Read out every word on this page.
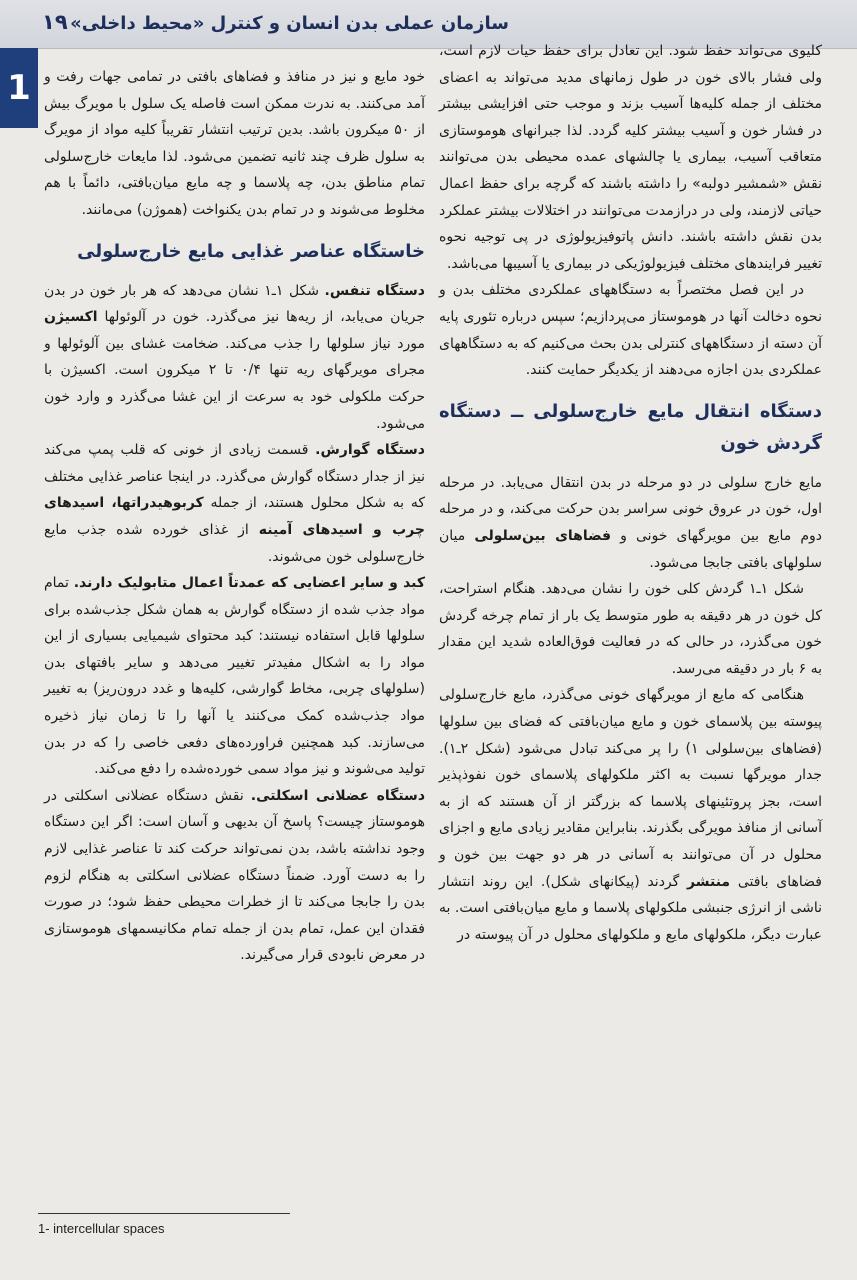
۱۹ سازمان عملی بدن انسان و کنترل «محیط داخلی»
1

کلیوی می‌تواند حفظ شود. این تعادل برای حفظ حیات لازم است، ولی فشار بالای خون در طول زمانهای مدید می‌تواند به اعضای مختلف از جمله کلیه‌ها آسیب بزند و موجب حتی افزایشی بیشتر در فشار خون و آسیب بیشتر کلیه گردد. لذا جبرانهای هوموستازی متعاقب آسیب، بیماری یا چالشهای عمده محیطی بدن می‌توانند نقش «شمشیر دولبه» را داشته باشند که گرچه برای حفظ اعمال حیاتی لازمند، ولی در درازمدت می‌توانند در اختلالات بیشتر عملکرد بدن نقش داشته باشند. دانش پاتوفیزیولوژی در پی توجیه نحوه تغییر فرایندهای مختلف فیزیولوژیکی در بیماری یا آسیبها می‌باشد.

در این فصل مختصراً به دستگاههای عملکردی مختلف بدن و نحوه دخالت آنها در هوموستاز می‌پردازیم؛ سپس درباره تئوری پایه آن دسته از دستگاههای کنترلی بدن بحث می‌کنیم که به دستگاههای عملکردی بدن اجازه می‌دهند از یکدیگر حمایت کنند.

دستگاه انتقال مایع خارج‌سلولی ــ دستگاه گردش خون

مایع خارج سلولی در دو مرحله در بدن انتقال می‌یابد. در مرحله اول، خون در عروق خونی سراسر بدن حرکت می‌کند، و در مرحله دوم مایع بین مویرگهای خونی و فضاهای بین‌سلولی میان سلولهای بافتی جابجا می‌شود.

شکل ۱ـ۱ گردش کلی خون را نشان می‌دهد. هنگام استراحت، کل خون در هر دقیقه به طور متوسط یک بار از تمام چرخه گردش خون می‌گذرد، در حالی که در فعالیت فوق‌العاده شدید این مقدار به ۶ بار در دقیقه می‌رسد.

هنگامی که مایع از مویرگهای خونی می‌گذرد، مایع خارج‌سلولی پیوسته بین پلاسمای خون و مایع میان‌بافتی که فضای بین سلولها (فضاهای بین‌سلولی ۱) را پر می‌کند تبادل می‌شود (شکل ۲ـ۱). جدار مویرگها نسبت به اکثر ملکولهای پلاسمای خون نفوذپذیر است، بجز پروتئینهای پلاسما که بزرگتر از آن هستند که از به آسانی از منافذ مویرگی بگذرند. بنابراین مقادیر زیادی مایع و اجزای محلول در آن می‌توانند به آسانی در هر دو جهت بین خون و فضاهای بافتی منتشر گردند (پیکانهای شکل). این روند انتشار ناشی از انرژی جنبشی ملکولهای پلاسما و مایع میان‌بافتی است. به عبارت دیگر، ملکولهای مایع و ملکولهای محلول در آن پیوسته در

خود مایع و نیز در منافذ و فضاهای بافتی در تمامی جهات رفت و آمد می‌کنند. به ندرت ممکن است فاصله یک سلول با مویرگ بیش از ۵۰ میکرون باشد. بدین ترتیب انتشار تقریباً کلیه مواد از مویرگ به سلول ظرف چند ثانیه تضمین می‌شود. لذا مایعات خارج‌سلولی تمام مناطق بدن، چه پلاسما و چه مایع میان‌بافتی، دائماً با هم مخلوط می‌شوند و در تمام بدن یکنواخت (هموژن) می‌مانند.

خاستگاه عناصر غذایی مایع خارج‌سلولی

دستگاه تنفس. شکل ۱ـ۱ نشان می‌دهد که هر بار خون در بدن جریان می‌یابد، از ریه‌ها نیز می‌گذرد. خون در آلوئولها اکسیژن مورد نیاز سلولها را جذب می‌کند. ضخامت غشای بین آلوئولها و مجرای مویرگهای ریه تنها ۰/۴ تا ۲ میکرون است. اکسیژن با حرکت ملکولی خود به سرعت از این غشا می‌گذرد و وارد خون می‌شود.

دستگاه گوارش. قسمت زیادی از خونی که قلب پمپ می‌کند نیز از جدار دستگاه گوارش می‌گذرد. در اینجا عناصر غذایی مختلف که به شکل محلول هستند، از جمله کربوهیدراتها، اسیدهای چرب و اسیدهای آمینه از غذای خورده شده جذب مایع خارج‌سلولی خون می‌شوند.

کبد و سایر اعضایی که عمدتاً اعمال متابولیک دارند. تمام مواد جذب شده از دستگاه گوارش به همان شکل جذب‌شده برای سلولها قابل استفاده نیستند: کبد محتوای شیمیایی بسیاری از این مواد را به اشکال مفیدتر تغییر می‌دهد و سایر بافتهای بدن (سلولهای چربی، مخاط گوارشی، کلیه‌ها و غدد درون‌ریز) به تغییر مواد جذب‌شده کمک می‌کنند یا آنها را تا زمان نیاز ذخیره می‌سازند. کبد همچنین فراورده‌های دفعی خاصی را که در بدن تولید می‌شوند و نیز مواد سمی خورده‌شده را دفع می‌کند.

دستگاه عضلانی اسکلتی. نقش دستگاه عضلانی اسکلتی در هوموستاز چیست؟ پاسخ آن بدیهی و آسان است: اگر این دستگاه وجود نداشته باشد، بدن نمی‌تواند حرکت کند تا عناصر غذایی لازم را به دست آورد. ضمناً دستگاه عضلانی اسکلتی به هنگام لزوم بدن را جابجا می‌کند تا از خطرات محیطی حفظ شود؛ در صورت فقدان این عمل، تمام بدن از جمله تمام مکانیسمهای هوموستازی در معرض نابودی قرار می‌گیرند.

1- intercellular spaces
